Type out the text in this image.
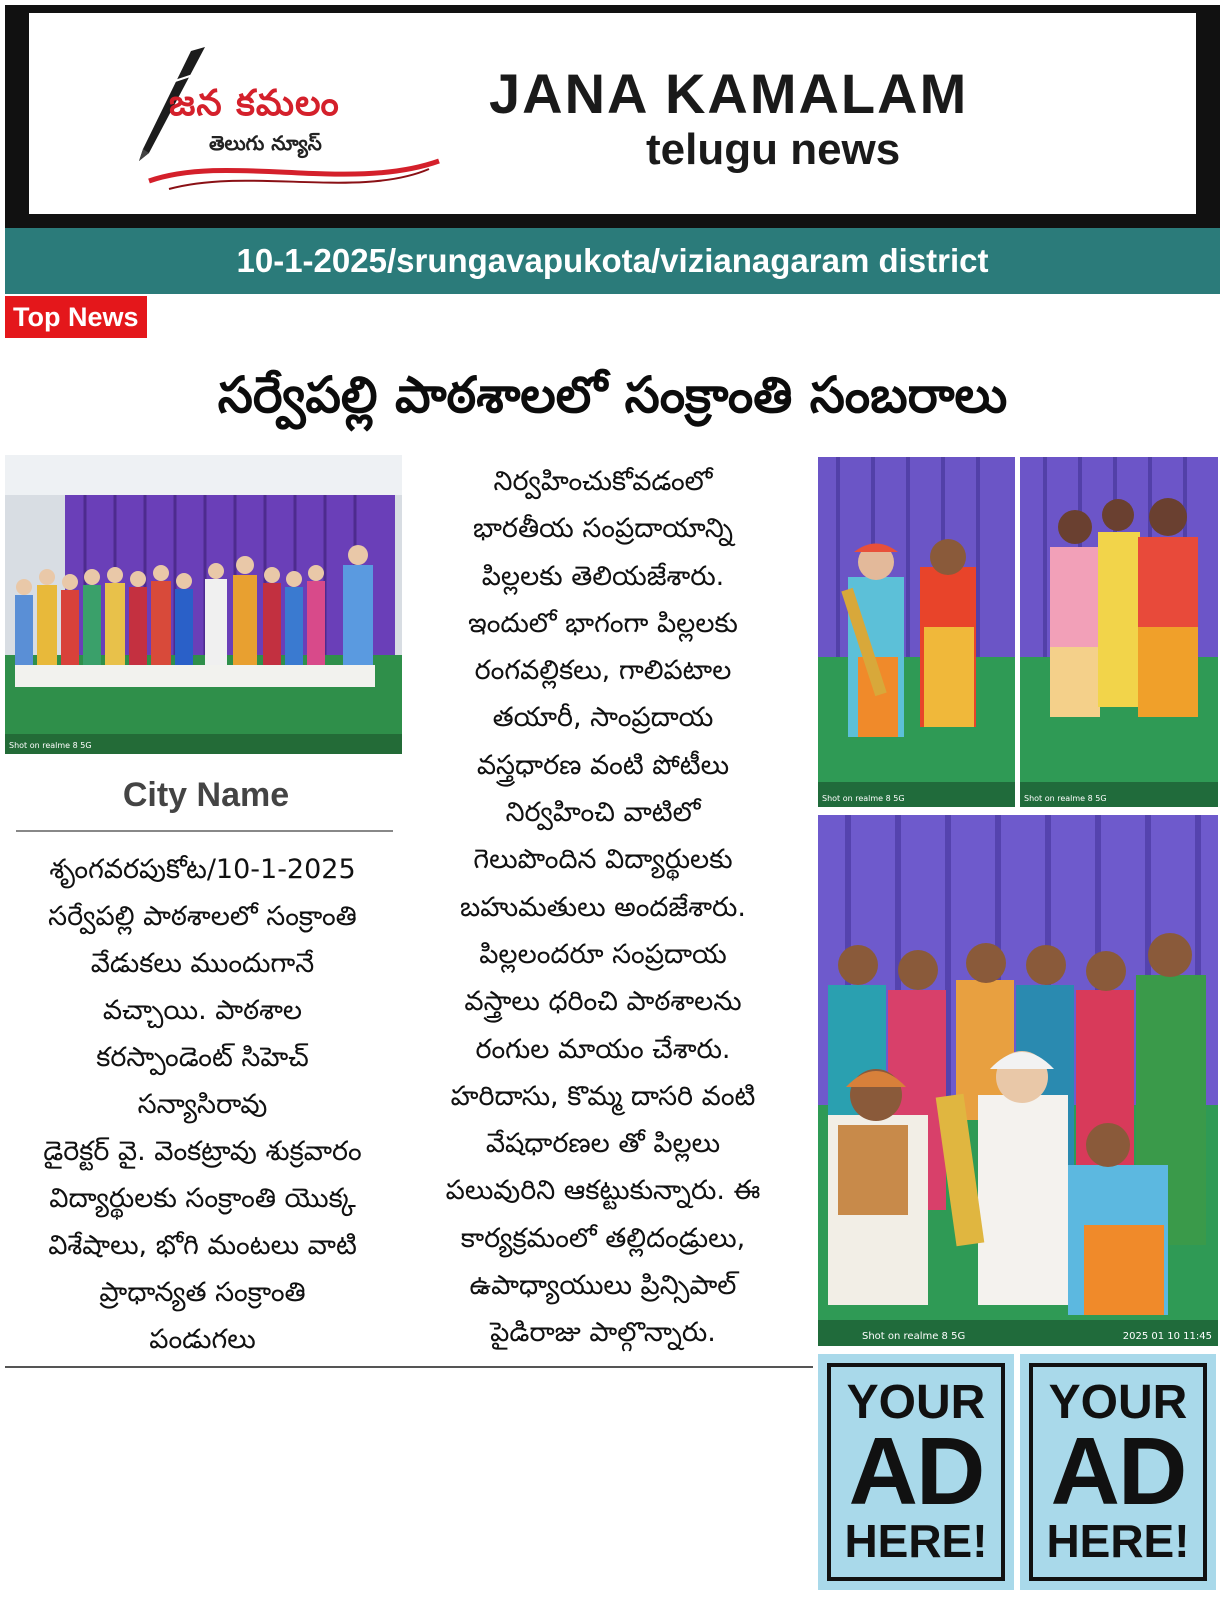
జన కమలం
తెలుగు న్యూస్
JANA KAMALAM
telugu news
10-1-2025/srungavapukota/vizianagaram district
Top News
సర్వేపల్లి పాఠశాలలో సంక్రాంతి సంబరాలు
Shot on realme 8 5G
Shot on realme 8 5G	Shot on realme 8 5G
Shot on realme 8 5G	2025 01 10 11:45
City Name
శృంగవరపుకోట/10-1-2025
సర్వేపల్లి పాఠశాలలో సంక్రాంతి
వేడుకలు ముందుగానే
వచ్చాయి. పాఠశాల
కరస్పాండెంట్ సిహెచ్
సన్యాసిరావు
డైరెక్టర్ వై. వెంకట్రావు శుక్రవారం
విద్యార్థులకు సంక్రాంతి యొక్క
విశేషాలు, భోగి మంటలు వాటి
ప్రాధాన్యత సంక్రాంతి
పండుగలు
నిర్వహించుకోవడంలో
భారతీయ సంప్రదాయాన్ని
పిల్లలకు తెలియజేశారు.
ఇందులో భాగంగా పిల్లలకు
రంగవల్లికలు, గాలిపటాల
తయారీ, సాంప్రదాయ
వస్త్రధారణ వంటి పోటీలు
నిర్వహించి వాటిలో
గెలుపొందిన విద్యార్థులకు
బహుమతులు అందజేశారు.
పిల్లలందరూ సంప్రదాయ
వస్త్రాలు ధరించి పాఠశాలను
రంగుల మాయం చేశారు.
హరిదాసు, కొమ్మ దాసరి వంటి
వేషధారణల తో పిల్లలు
పలువురిని ఆకట్టుకున్నారు. ఈ
కార్యక్రమంలో తల్లిదండ్రులు,
ఉపాధ్యాయులు ప్రిన్సిపాల్
పైడిరాజు పాల్గొన్నారు.
YOUR
AD
HERE!
YOUR
AD
HERE!
